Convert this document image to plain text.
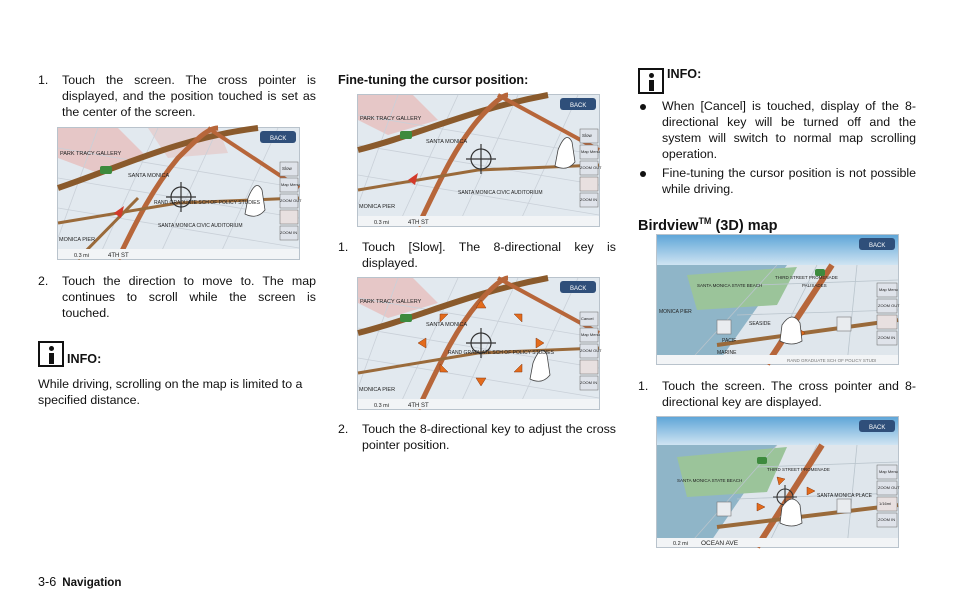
1.	Touch the screen. The cross pointer is displayed, and the position touched is set as the center of the screen.
BACK
PARK TRACY GALLERY
SANTA MONICA
RAND GRADUATE SCH OF POLICY STUDIES
SANTA MONICA CIVIC AUDITORIUM
MONICA PIER
Slow
Map Menu
ZOOM OUT
ZOOM IN
0.3 mi	4TH ST
2.	Touch the direction to move to. The map continues to scroll while the screen is touched.
INFO:
While driving, scrolling on the map is limited to a specified distance.
Fine-tuning the cursor position:
BACK
PARK TRACY GALLERY
SANTA MONICA
SANTA MONICA CIVIC AUDITORIUM
MONICA PIER
Slow
Map Menu
ZOOM OUT
ZOOM IN
0.3 mi	4TH ST
1.	Touch [Slow]. The 8-directional key is displayed.
BACK
PARK TRACY GALLERY
SANTA MONICA
RAND GRADUATE SCH OF POLICY STUDIES
MONICA PIER
Cancel
Map Menu
ZOOM OUT
ZOOM IN
0.3 mi	4TH ST
2.	Touch the 8-directional key to adjust the cross pointer position.
INFO:
When [Cancel] is touched, display of the 8-directional key will be turned off and the system will switch to normal map scrolling operation.
Fine-tuning the cursor position is not possible while driving.
Birdview™ (3D) map
BACK
THIRD STREET PROMENADE
SANTA MONICA STATE BEACH	PALISADES
MONICA PIER
SEASIDE
PACIF
MARINE
RAND GRADUATE SCH OF POLICY STUDI
Map Menu
ZOOM OUT
ZOOM IN
1.	Touch the screen. The cross pointer and 8-directional key are displayed.
BACK
THIRD STREET PROMENADE
SANTA MONICA STATE BEACH
SANTA MONICA PLACE
Map Menu
ZOOM OUT
1/16mi
ZOOM IN
0.2 mi OCEAN AVE
3-6 Navigation
